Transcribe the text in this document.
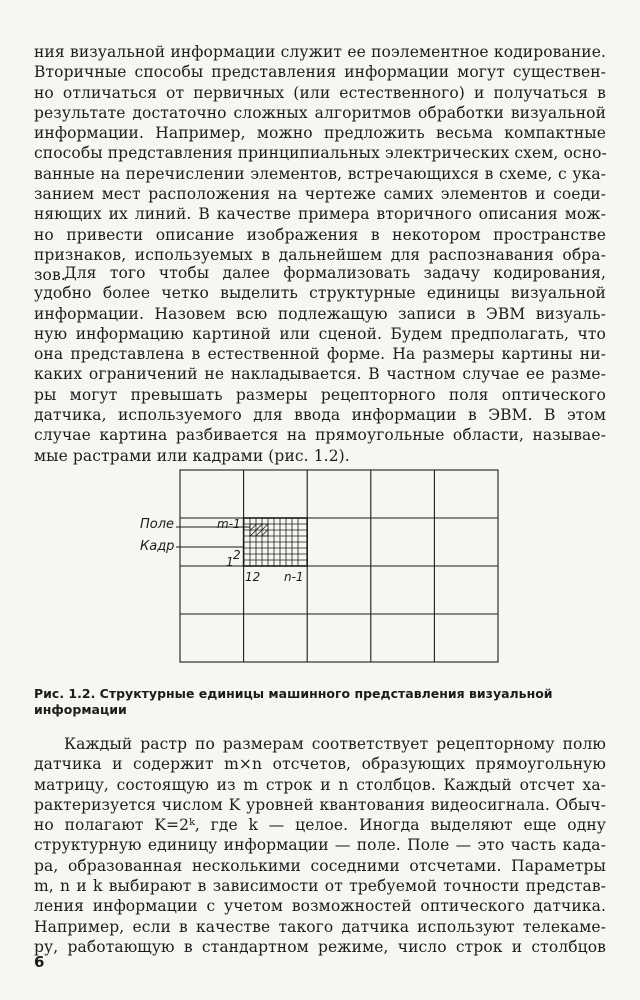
ния визуальной информации служит ее поэлементное кодирование.
Вторичные способы представления информации могут существен-
но отличаться от первичных (или естественного) и получаться в
результате достаточно сложных алгоритмов обработки визуальной
информации. Например, можно предложить весьма компактные
способы представления принципиальных электрических схем, осно-
ванные на перечислении элементов, встречающихся в схеме, с ука-
занием мест расположения на чертеже самих элементов и соеди-
няющих их линий. В качестве примера вторичного описания мож-
но привести описание изображения в некотором пространстве
признаков, используемых в дальнейшем для распознавания обра-
зов.
Для того чтобы далее формализовать задачу кодирования,
удобно более четко выделить структурные единицы визуальной
информации. Назовем всю подлежащую записи в ЭВМ визуаль-
ную информацию картиной или сценой. Будем предполагать, что
она представлена в естественной форме. На размеры картины ни-
каких ограничений не накладывается. В частном случае ее разме-
ры могут превышать размеры рецепторного поля оптического
датчика, используемого для ввода информации в ЭВМ. В этом
случае картина разбивается на прямоугольные области, называе-
мые растрами или кадрами (рис. 1.2).
Поле
Кадр
m-1
2
1
12 n-1

Рис. 1.2. Структурные единицы машинного представления визуальной информации

Каждый растр по размерам соответствует рецепторному полю
датчика и содержит m×n отсчетов, образующих прямоугольную
матрицу, состоящую из m строк и n столбцов. Каждый отсчет ха-
рактеризуется числом K уровней квантования видеосигнала. Обыч-
но полагают K=2ᵏ, где k — целое. Иногда выделяют еще одну
структурную единицу информации — поле. Поле — это часть када-
ра, образованная несколькими соседними отсчетами. Параметры
m, n и k выбирают в зависимости от требуемой точности представ-
ления информации с учетом возможностей оптического датчика.
Например, если в качестве такого датчика используют телекаме-
ру, работающую в стандартном режиме, число строк и столбцов
6
